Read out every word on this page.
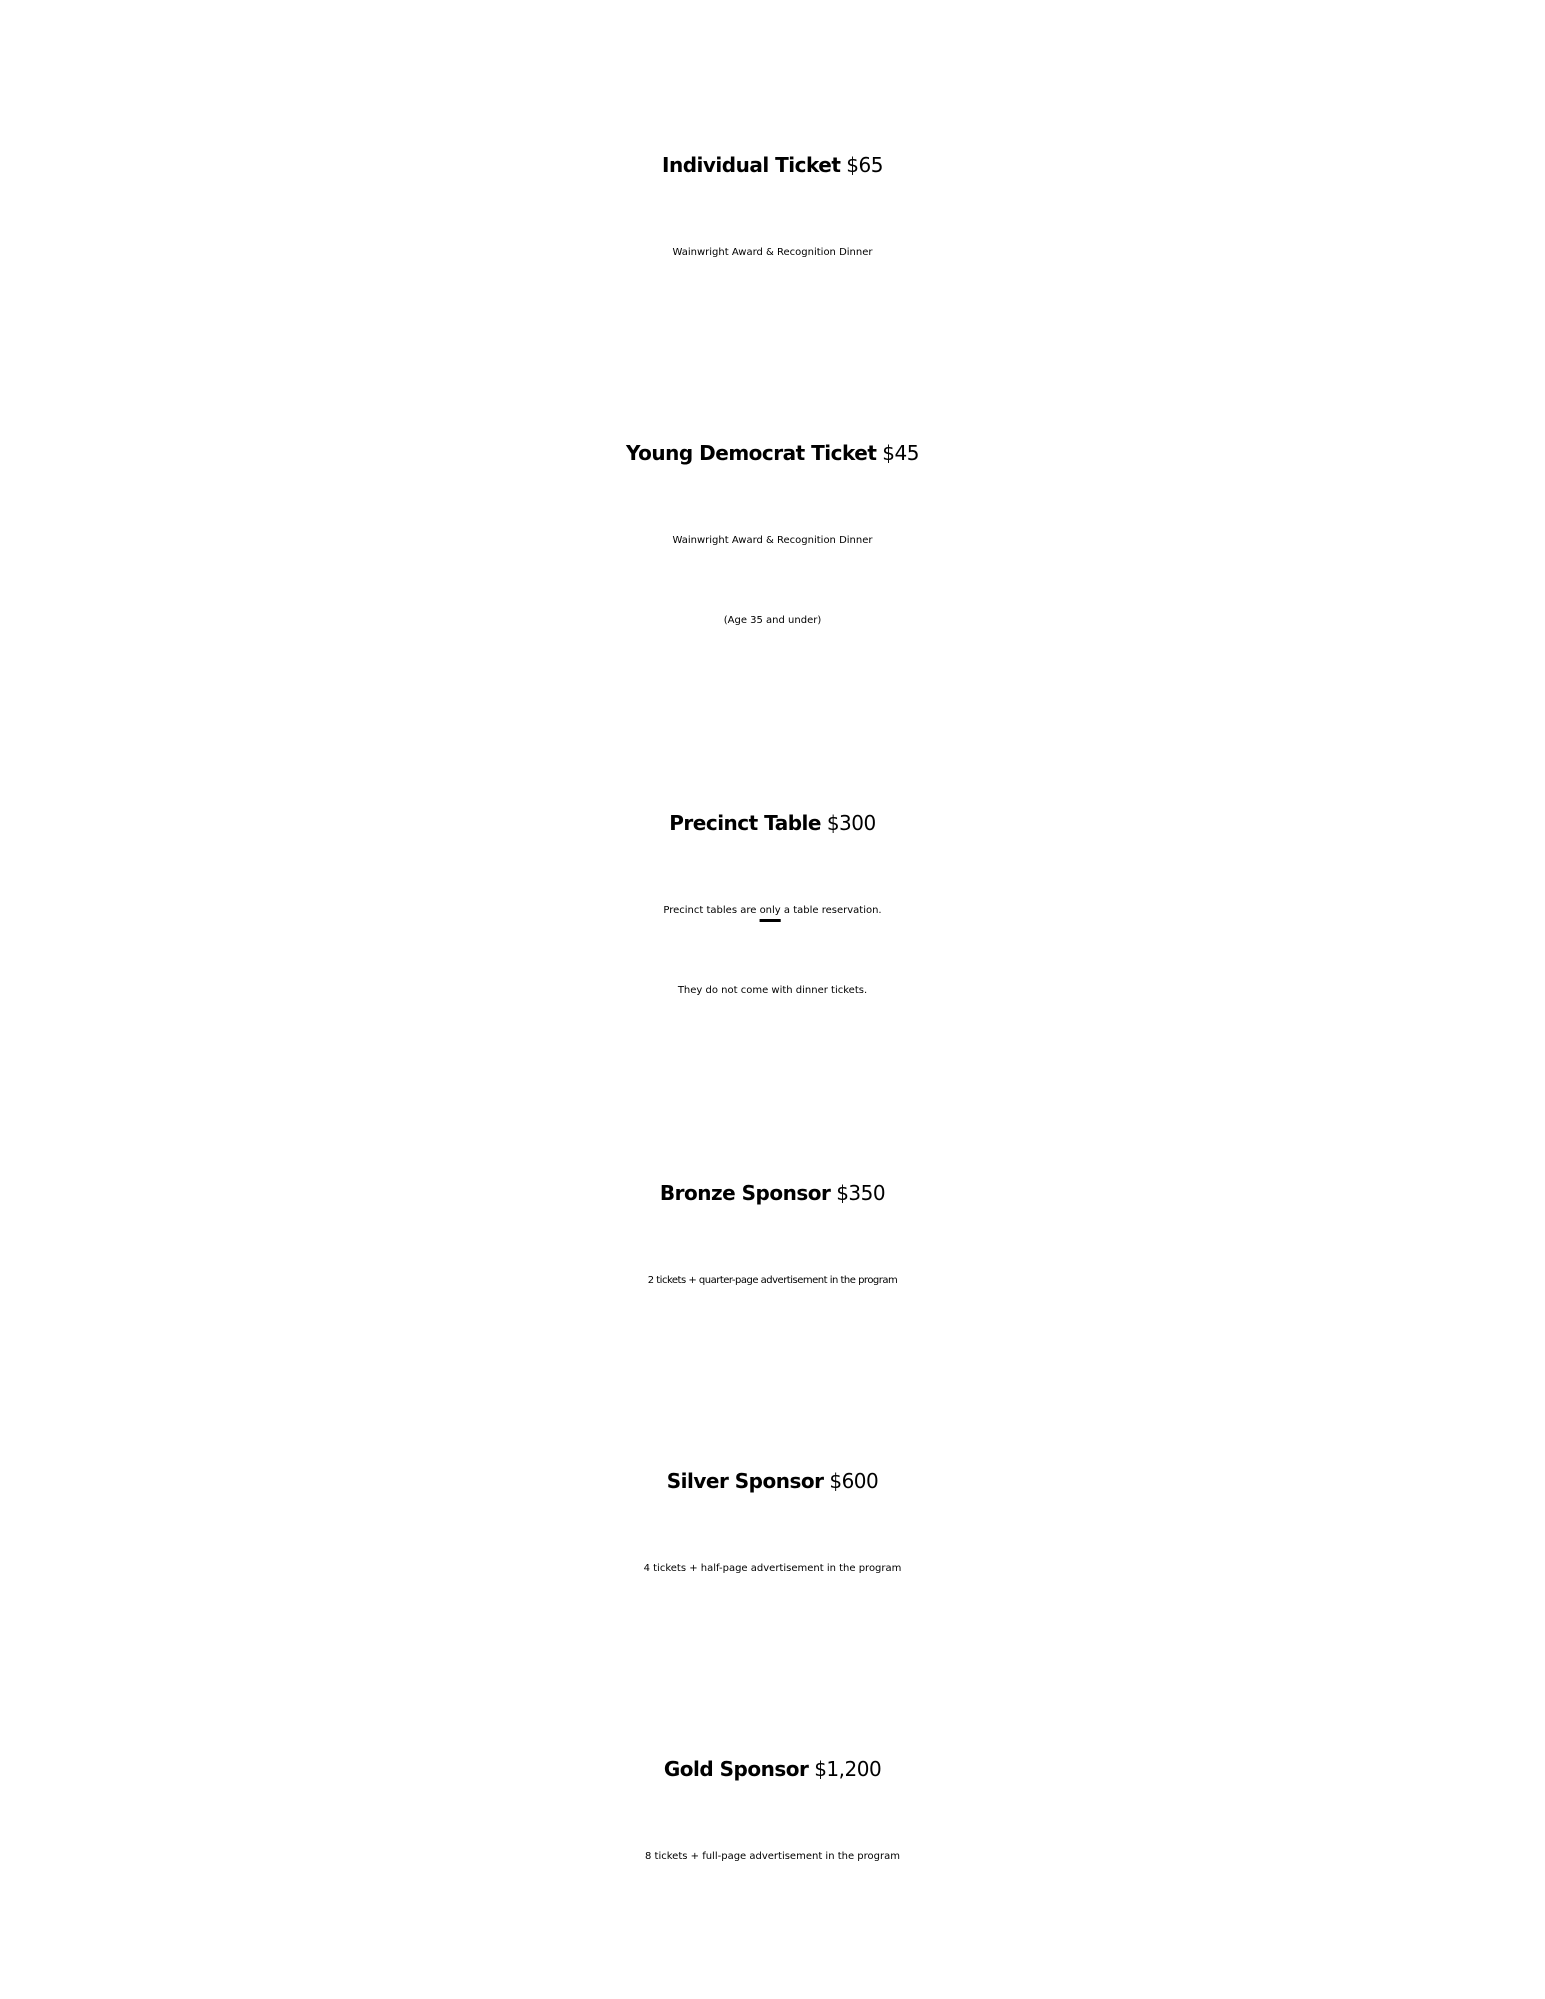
Individual Ticket $65
Wainwright Award & Recognition Dinner
Young Democrat Ticket $45
Wainwright Award & Recognition Dinner
(Age 35 and under)
Precinct Table $300
Precinct tables are only a table reservation.
They do not come with dinner tickets.
Bronze Sponsor $350
2 tickets + quarter-page advertisement in the program
Silver Sponsor $600
4 tickets + half-page advertisement in the program
Gold Sponsor $1,200
8 tickets + full-page advertisement in the program
